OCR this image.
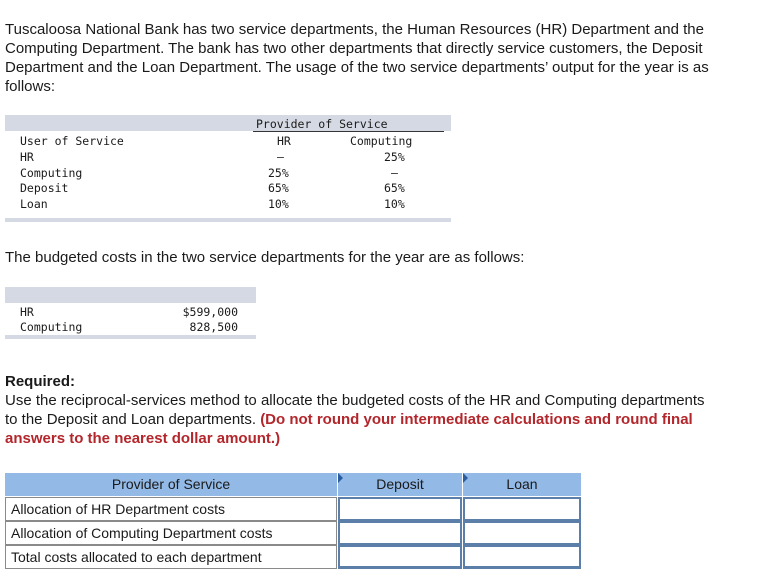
Tuscaloosa National Bank has two service departments, the Human Resources (HR) Department and the
Computing Department. The bank has two other departments that directly service customers, the Deposit
Department and the Loan Department. The usage of the two service departments’ output for the year is as
follows:
Provider of Service
User of Service	HR	Computing
HR	–	25%
Computing	25%	–
Deposit	65%	65%
Loan	10%	10%

The budgeted costs in the two service departments for the year are as follows:

HR	$599,000
Computing	828,500
Required:
Use the reciprocal-services method to allocate the budgeted costs of the HR and Computing departments
to the Deposit and Loan departments. (Do not round your intermediate calculations and round final
answers to the nearest dollar amount.)
Provider of Service	Deposit	Loan
Allocation of HR Department costs
Allocation of Computing Department costs
Total costs allocated to each department
